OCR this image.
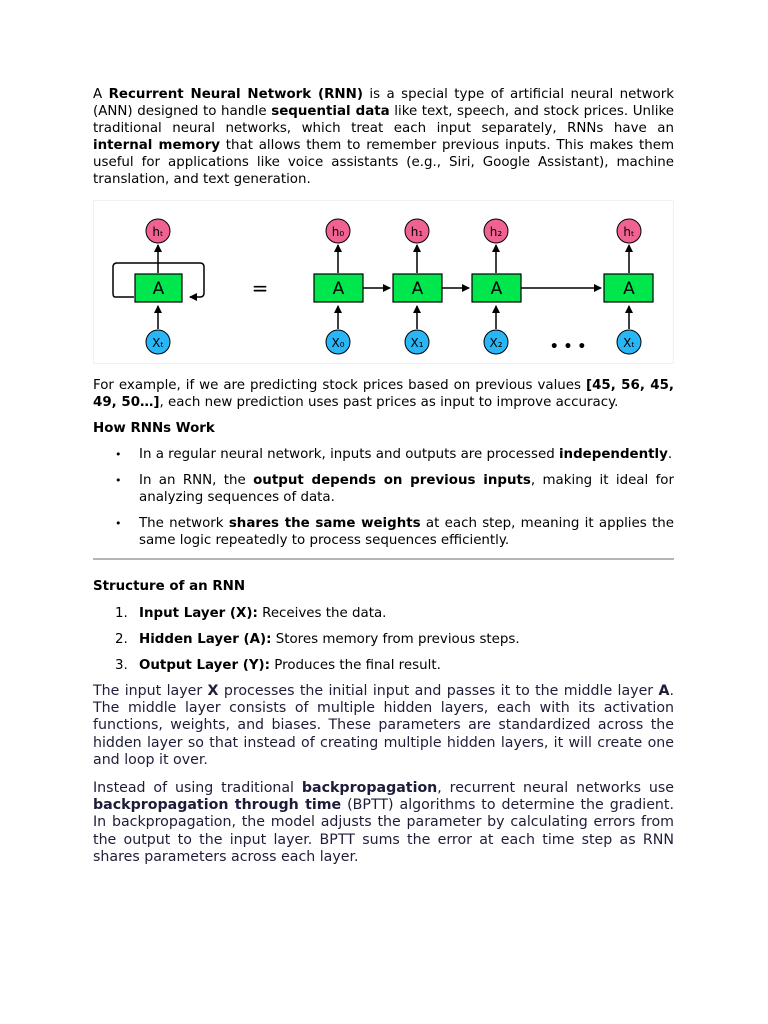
A Recurrent Neural Network (RNN) is a special type of artificial neural network (ANN) designed to handle sequential data like text, speech, and stock prices. Unlike traditional neural networks, which treat each input separately, RNNs have an internal memory that allows them to remember previous inputs. This makes them useful for applications like voice assistants (e.g., Siri, Google Assistant), machine translation, and text generation.

A
hₜ
Xₜ
=	A
h₀
X₀
A
h₁
X₁
A
h₂
X₂	• • •
A
hₜ
Xₜ

For example, if we are predicting stock prices based on previous values [45, 56, 45, 49, 50…], each new prediction uses past prices as input to improve accuracy.

How RNNs Work
• In a regular neural network, inputs and outputs are processed independently.
• In an RNN, the output depends on previous inputs, making it ideal for analyzing sequences of data.
• The network shares the same weights at each step, meaning it applies the same logic repeatedly to process sequences efficiently.
Structure of an RNN
1. Input Layer (X): Receives the data.
2. Hidden Layer (A): Stores memory from previous steps.
3. Output Layer (Y): Produces the final result.

The input layer X processes the initial input and passes it to the middle layer A. The middle layer consists of multiple hidden layers, each with its activation functions, weights, and biases. These parameters are standardized across the hidden layer so that instead of creating multiple hidden layers, it will create one and loop it over.

Instead of using traditional backpropagation, recurrent neural networks use backpropagation through time (BPTT) algorithms to determine the gradient. In backpropagation, the model adjusts the parameter by calculating errors from the output to the input layer. BPTT sums the error at each time step as RNN shares parameters across each layer.
